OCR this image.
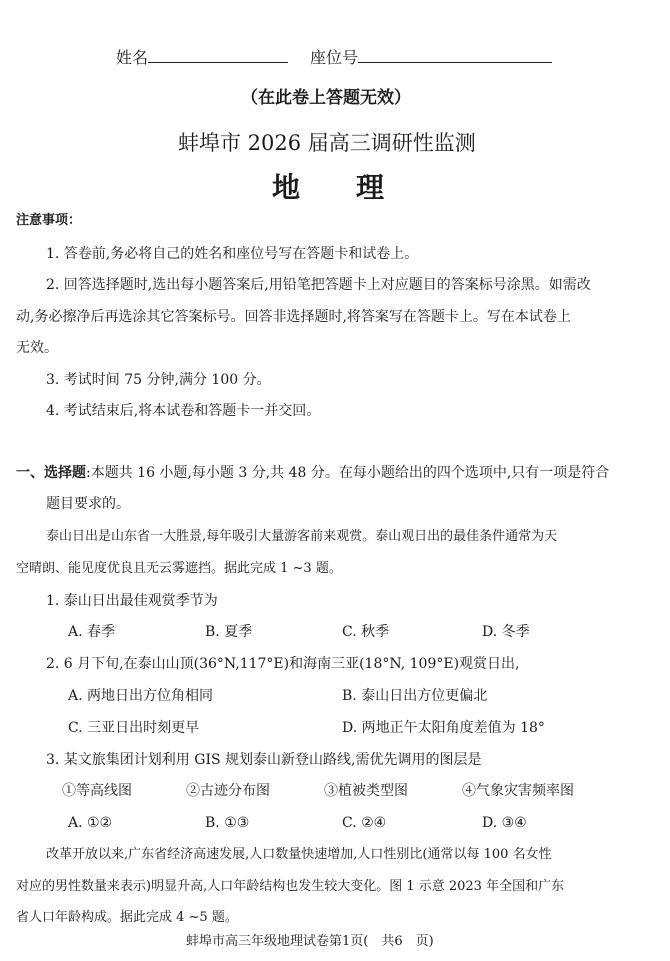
姓名	座位号
（在此卷上答题无效）
蚌埠市 2026 届高三调研性监测
地　　理
注意事项：
1. 答卷前,务必将自己的姓名和座位号写在答题卡和试卷上。
2. 回答选择题时,选出每小题答案后,用铅笔把答题卡上对应题目的答案标号涂黑。如需改
动,务必擦净后再选涂其它答案标号。回答非选择题时,将答案写在答题卡上。写在本试卷上
无效。
3. 考试时间 75 分钟,满分 100 分。
4. 考试结束后,将本试卷和答题卡一并交回。
一、选择题:本题共 16 小题,每小题 3 分,共 48 分。在每小题给出的四个选项中,只有一项是符合
题目要求的。
泰山日出是山东省一大胜景,每年吸引大量游客前来观赏。泰山观日出的最佳条件通常为天
空晴朗、能见度优良且无云雾遮挡。据此完成 1 ~3 题。
1. 泰山日出最佳观赏季节为
A. 春季	B. 夏季	C. 秋季	D. 冬季
2. 6 月下旬,在泰山山顶(36°N,117°E)和海南三亚(18°N, 109°E)观赏日出,
A. 两地日出方位角相同	B. 泰山日出方位更偏北
C. 三亚日出时刻更早	D. 两地正午太阳角度差值为 18°
3. 某文旅集团计划利用 GIS 规划泰山新登山路线,需优先调用的图层是
①等高线图	②古迹分布图	③植被类型图	④气象灾害频率图
A. ①②	B. ①③	C. ②④	D. ③④
改革开放以来,广东省经济高速发展,人口数量快速增加,人口性别比(通常以每 100 名女性
对应的男性数量来表示)明显升高,人口年龄结构也发生较大变化。图 1 示意 2023 年全国和广东
省人口年龄构成。据此完成 4 ~5 题。
蚌埠市高三年级地理试卷第1页(　共6　页)
